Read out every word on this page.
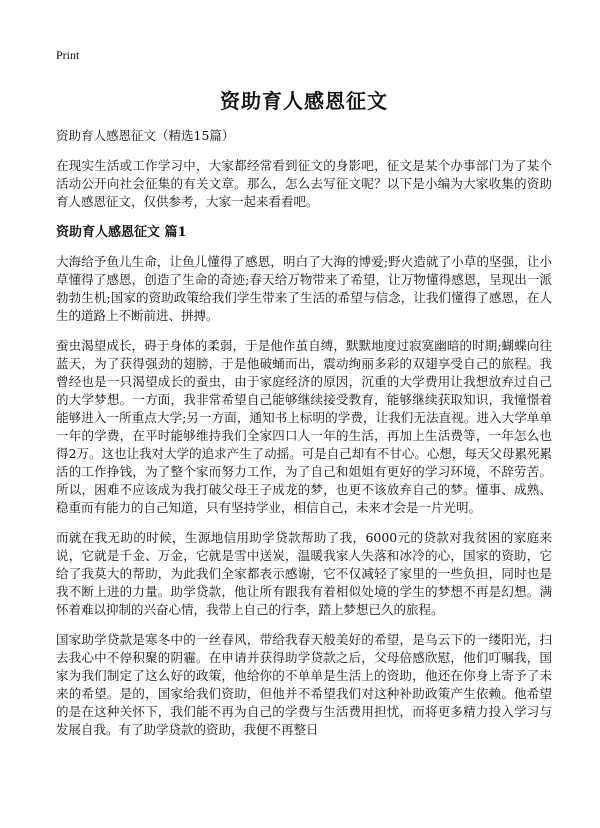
Print
资助育人感恩征文
资助育人感恩征文（精选15篇）

在现实生活或工作学习中，大家都经常看到征文的身影吧，征文是某个办事部门为了某个活动公开向社会征集的有关文章。那么，怎么去写征文呢？以下是小编为大家收集的资助育人感恩征文，仅供参考，大家一起来看看吧。

资助育人感恩征文 篇1

大海给予鱼儿生命，让鱼儿懂得了感恩，明白了大海的博爱;野火造就了小草的坚强，让小草懂得了感恩，创造了生命的奇迹;春天给万物带来了希望，让万物懂得感恩，呈现出一派勃勃生机;国家的资助政策给我们学生带来了生活的希望与信念，让我们懂得了感恩，在人生的道路上不断前进、拼搏。

蚕虫渴望成长，碍于身体的柔弱，于是他作茧自缚，默默地度过寂寞幽暗的时期;蝴蝶向往蓝天，为了获得强劲的翅膀，于是他破蛹而出，震动绚丽多彩的双翅享受自己的旅程。我曾经也是一只渴望成长的蚕虫，由于家庭经济的原因，沉重的大学费用让我想放弃过自己的大学梦想。一方面，我非常希望自己能够继续接受教育，能够继续获取知识，我憧憬着能够进入一所重点大学;另一方面，通知书上标明的学费，让我们无法直视。进入大学单单一年的学费，在平时能够维持我们全家四口人一年的生活，再加上生活费等，一年怎么也得2万。这也让我对大学的追求产生了动摇。可是自己却有不甘心。心想，每天父母累死累活的工作挣钱，为了整个家而努力工作，为了自己和姐姐有更好的学习环境，不辞劳苦。所以，困难不应该成为我打破父母王子成龙的梦，也更不该放弃自己的梦。懂事、成熟、稳重而有能力的自己知道，只有坚持学业，相信自己，未来才会是一片光明。

而就在我无助的时候，生源地信用助学贷款帮助了我，6000元的贷款对我贫困的家庭来说，它就是千金、万金，它就是雪中送炭，温暖我家人失落和冰冷的心，国家的资助，它给了我莫大的帮助，为此我们全家都表示感谢，它不仅减轻了家里的一些负担，同时也是我不断上进的力量。助学贷款，他让所有跟我有着相似处境的学生的梦想不再是幻想。满怀着难以抑制的兴奋心情，我带上自己的行李，踏上梦想已久的旅程。

国家助学贷款是寒冬中的一丝春风，带给我春天般美好的希望，是乌云下的一缕阳光，扫去我心中不停积聚的阴霾。在申请并获得助学贷款之后，父母倍感欣慰，他们叮嘱我，国家为我们制定了这么好的政策，他给你的不单单是生活上的资助，他还在你身上寄予了未来的希望。是的，国家给我们资助，但他并不希望我们对这种补助政策产生依赖。他希望的是在这种关怀下，我们能不再为自己的学费与生活费用担忧，而将更多精力投入学习与发展自我。有了助学贷款的资助，我便不再整日
